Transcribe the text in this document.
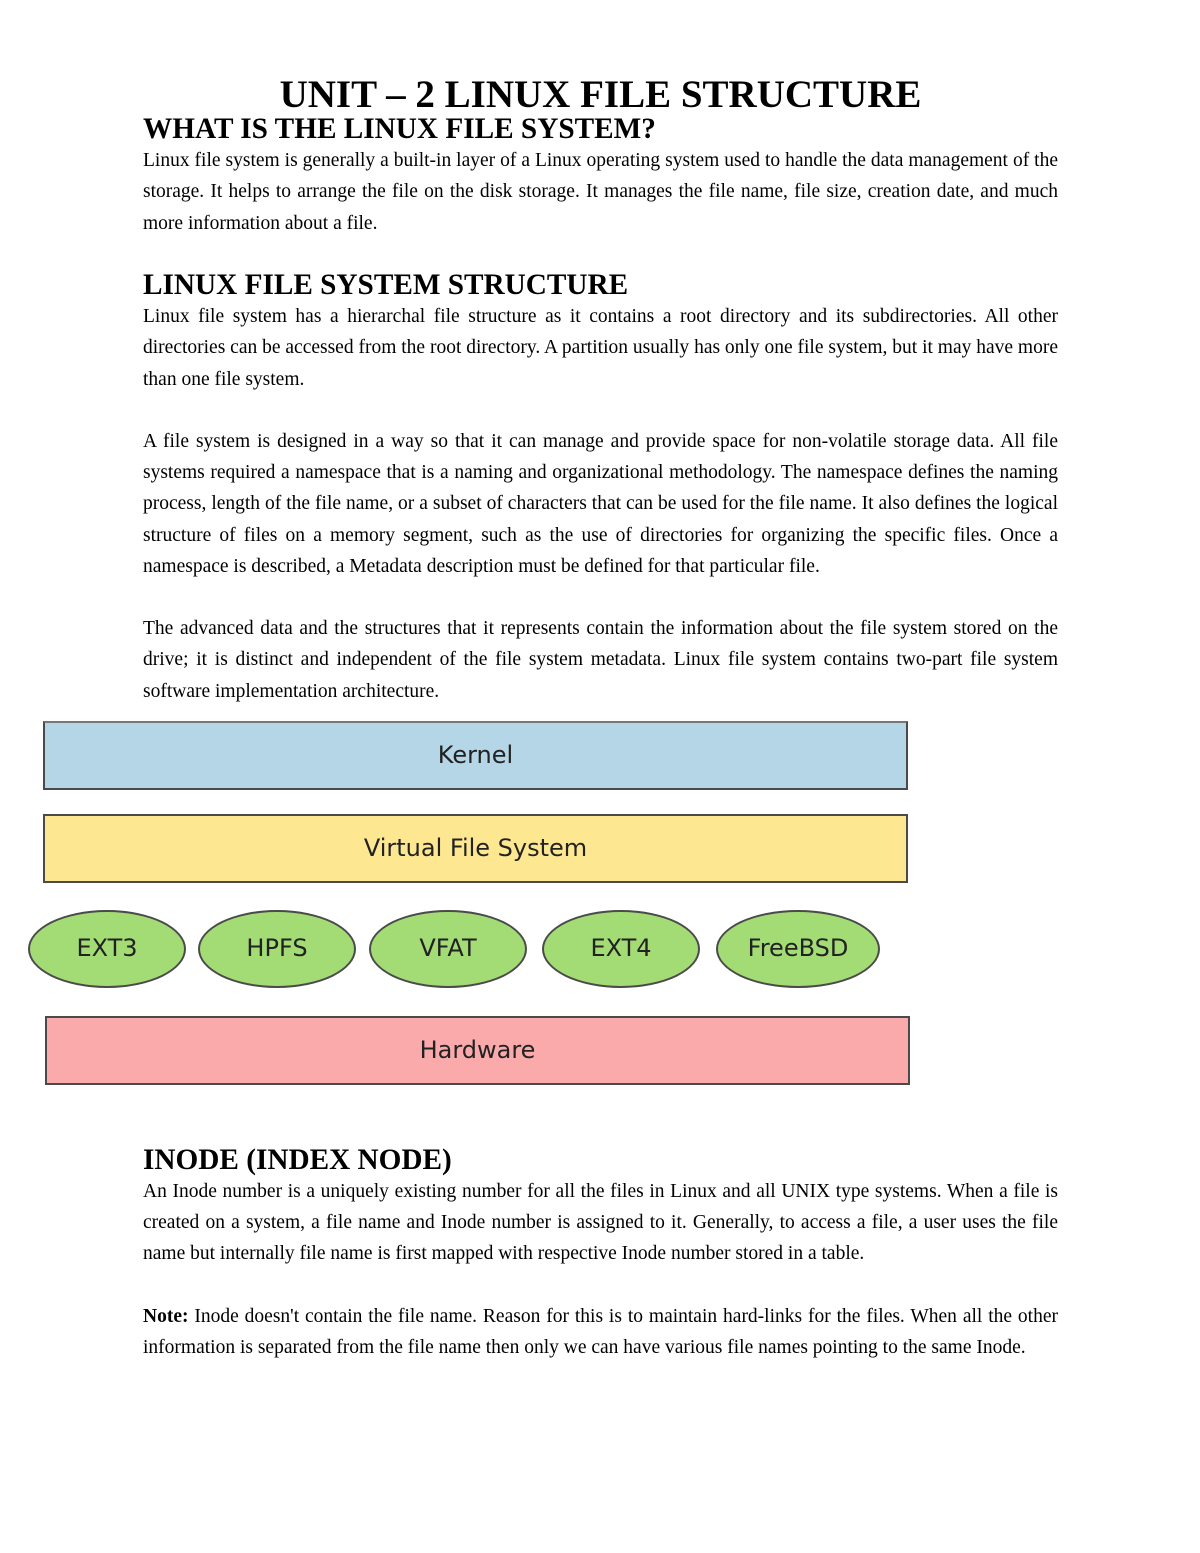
UNIT – 2 LINUX FILE STRUCTURE
WHAT IS THE LINUX FILE SYSTEM?

Linux file system is generally a built-in layer of a Linux operating system used to handle the data management of the storage. It helps to arrange the file on the disk storage. It manages the file name, file size, creation date, and much more information about a file.

LINUX FILE SYSTEM STRUCTURE

Linux file system has a hierarchal file structure as it contains a root directory and its subdirectories. All other directories can be accessed from the root directory. A partition usually has only one file system, but it may have more than one file system.

A file system is designed in a way so that it can manage and provide space for non-volatile storage data. All file systems required a namespace that is a naming and organizational methodology. The namespace defines the naming process, length of the file name, or a subset of characters that can be used for the file name. It also defines the logical structure of files on a memory segment, such as the use of directories for organizing the specific files. Once a namespace is described, a Metadata description must be defined for that particular file.

The advanced data and the structures that it represents contain the information about the file system stored on the drive; it is distinct and independent of the file system metadata. Linux file system contains two-part file system software implementation architecture.

Kernel
Virtual File System
EXT3	HPFS	VFAT	EXT4	FreeBSD
Hardware
INODE (INDEX NODE)

An Inode number is a uniquely existing number for all the files in Linux and all UNIX type systems. When a file is created on a system, a file name and Inode number is assigned to it. Generally, to access a file, a user uses the file name but internally file name is first mapped with respective Inode number stored in a table.

Note: Inode doesn't contain the file name. Reason for this is to maintain hard-links for the files. When all the other information is separated from the file name then only we can have various file names pointing to the same Inode.
